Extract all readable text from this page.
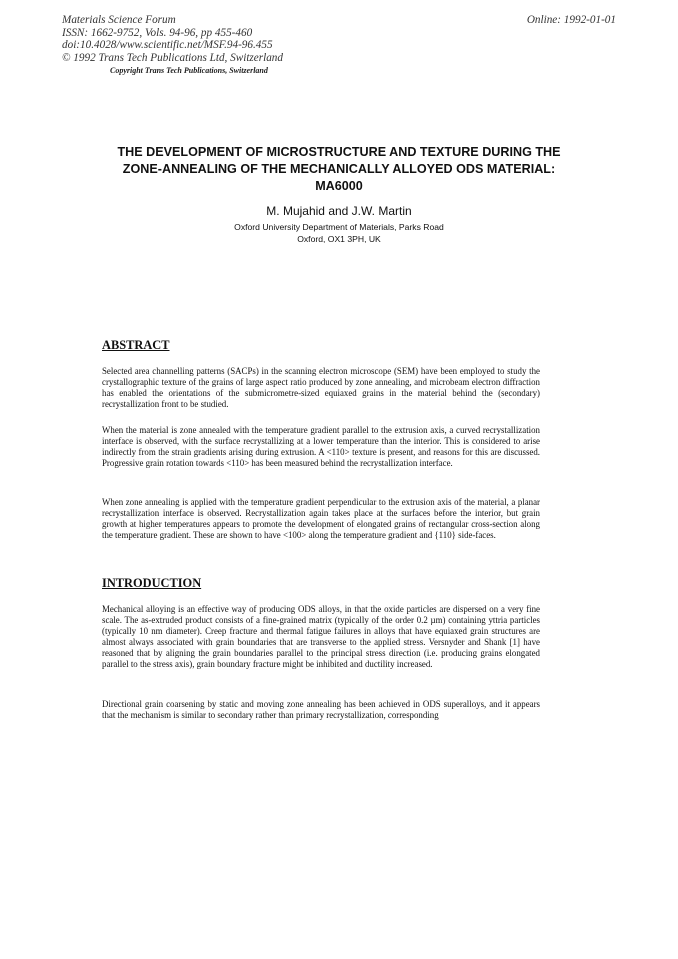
Materials Science Forum
ISSN: 1662-9752, Vols. 94-96, pp 455-460
doi:10.4028/www.scientific.net/MSF.94-96.455
© 1992 Trans Tech Publications Ltd, Switzerland
Online: 1992-01-01
Copyright Trans Tech Publications, Switzerland
THE DEVELOPMENT OF MICROSTRUCTURE AND TEXTURE DURING THE ZONE-ANNEALING OF THE MECHANICALLY ALLOYED ODS MATERIAL: MA6000
M. Mujahid and J.W. Martin
Oxford University Department of Materials, Parks Road
Oxford, OX1 3PH, UK
ABSTRACT
Selected area channelling patterns (SACPs) in the scanning electron microscope (SEM) have been employed to study the crystallographic texture of the grains of large aspect ratio produced by zone annealing, and microbeam electron diffraction has enabled the orientations of the submicrometre-sized equiaxed grains in the material behind the (secondary) recrystallization front to be studied.
When the material is zone annealed with the temperature gradient parallel to the extrusion axis, a curved recrystallization interface is observed, with the surface recrystallizing at a lower temperature than the interior. This is considered to arise indirectly from the strain gradients arising during extrusion. A <110> texture is present, and reasons for this are discussed. Progressive grain rotation towards <110> has been measured behind the recrystallization interface.
When zone annealing is applied with the temperature gradient perpendicular to the extrusion axis of the material, a planar recrystallization interface is observed. Recrystallization again takes place at the surfaces before the interior, but grain growth at higher temperatures appears to promote the development of elongated grains of rectangular cross-section along the temperature gradient. These are shown to have <100> along the temperature gradient and {110} side-faces.
INTRODUCTION
Mechanical alloying is an effective way of producing ODS alloys, in that the oxide particles are dispersed on a very fine scale. The as-extruded product consists of a fine-grained matrix (typically of the order 0.2 µm) containing yttria particles (typically 10 nm diameter). Creep fracture and thermal fatigue failures in alloys that have equiaxed grain structures are almost always associated with grain boundaries that are transverse to the applied stress. Versnyder and Shank [1] have reasoned that by aligning the grain boundaries parallel to the principal stress direction (i.e. producing grains elongated parallel to the stress axis), grain boundary fracture might be inhibited and ductility increased.
Directional grain coarsening by static and moving zone annealing has been achieved in ODS superalloys, and it appears that the mechanism is similar to secondary rather than primary recrystallization, corresponding
